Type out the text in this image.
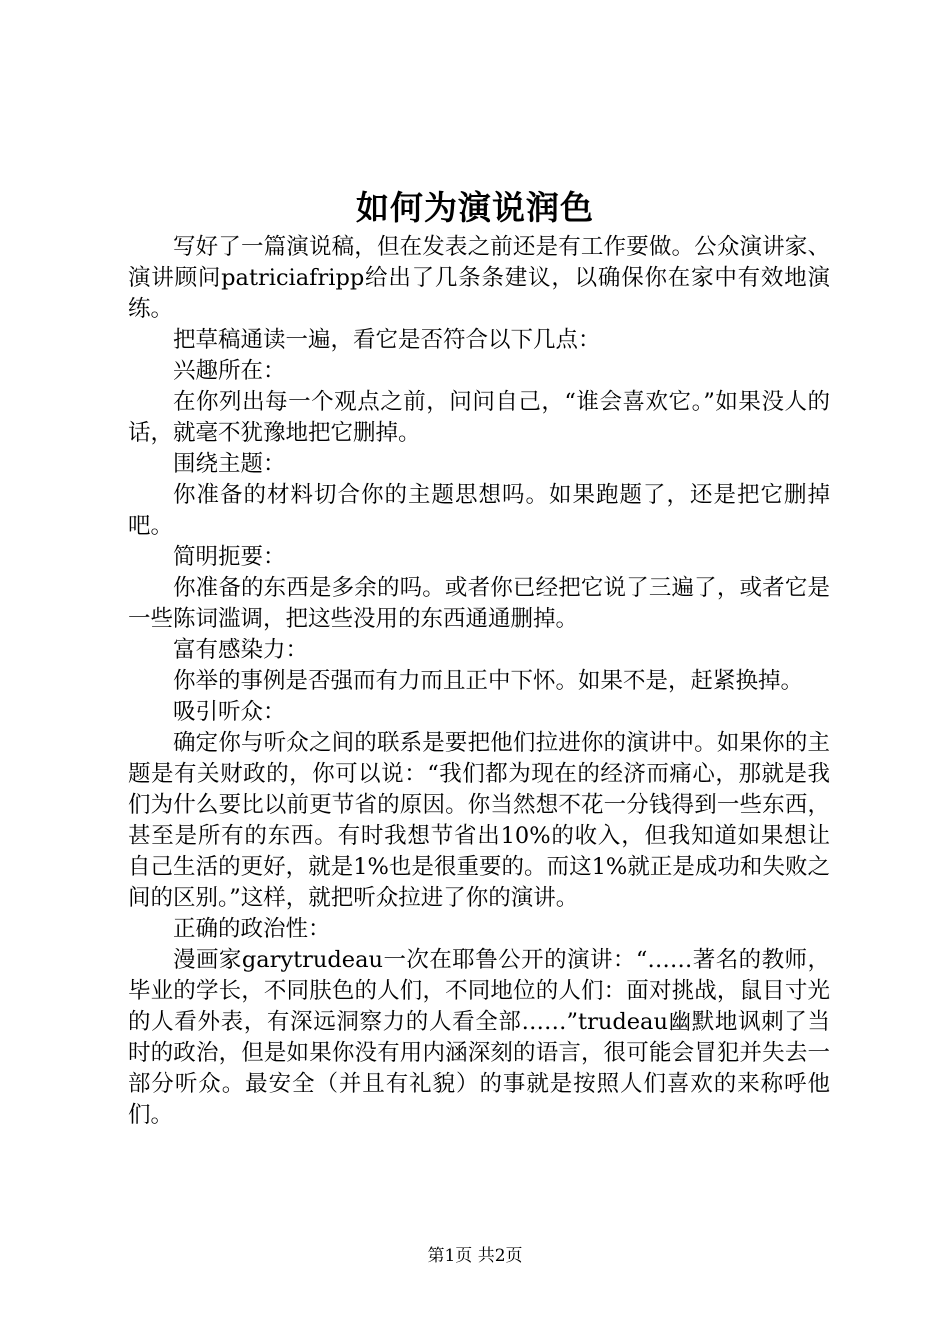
如何为演说润色

写好了一篇演说稿，但在发表之前还是有工作要做。公众演讲家、演讲顾问patriciafripp给出了几条条建议，以确保你在家中有效地演练。

把草稿通读一遍，看它是否符合以下几点：

兴趣所在：

在你列出每一个观点之前，问问自己，“谁会喜欢它。”如果没人的话，就毫不犹豫地把它删掉。

围绕主题：

你准备的材料切合你的主题思想吗。如果跑题了，还是把它删掉吧。

简明扼要：

你准备的东西是多余的吗。或者你已经把它说了三遍了，或者它是一些陈词滥调，把这些没用的东西通通删掉。

富有感染力：

你举的事例是否强而有力而且正中下怀。如果不是，赶紧换掉。

吸引听众：

确定你与听众之间的联系是要把他们拉进你的演讲中。如果你的主题是有关财政的，你可以说：“我们都为现在的经济而痛心，那就是我们为什么要比以前更节省的原因。你当然想不花一分钱得到一些东西，甚至是所有的东西。有时我想节省出10%的收入，但我知道如果想让自己生活的更好，就是1%也是很重要的。而这1%就正是成功和失败之间的区别。”这样，就把听众拉进了你的演讲。

正确的政治性：

漫画家garytrudeau一次在耶鲁公开的演讲：“……著名的教师，毕业的学长，不同肤色的人们，不同地位的人们：面对挑战，鼠目寸光的人看外表，有深远洞察力的人看全部……”trudeau幽默地讽刺了当时的政治，但是如果你没有用内涵深刻的语言，很可能会冒犯并失去一部分听众。最安全（并且有礼貌）的事就是按照人们喜欢的来称呼他们。

第1页 共2页
